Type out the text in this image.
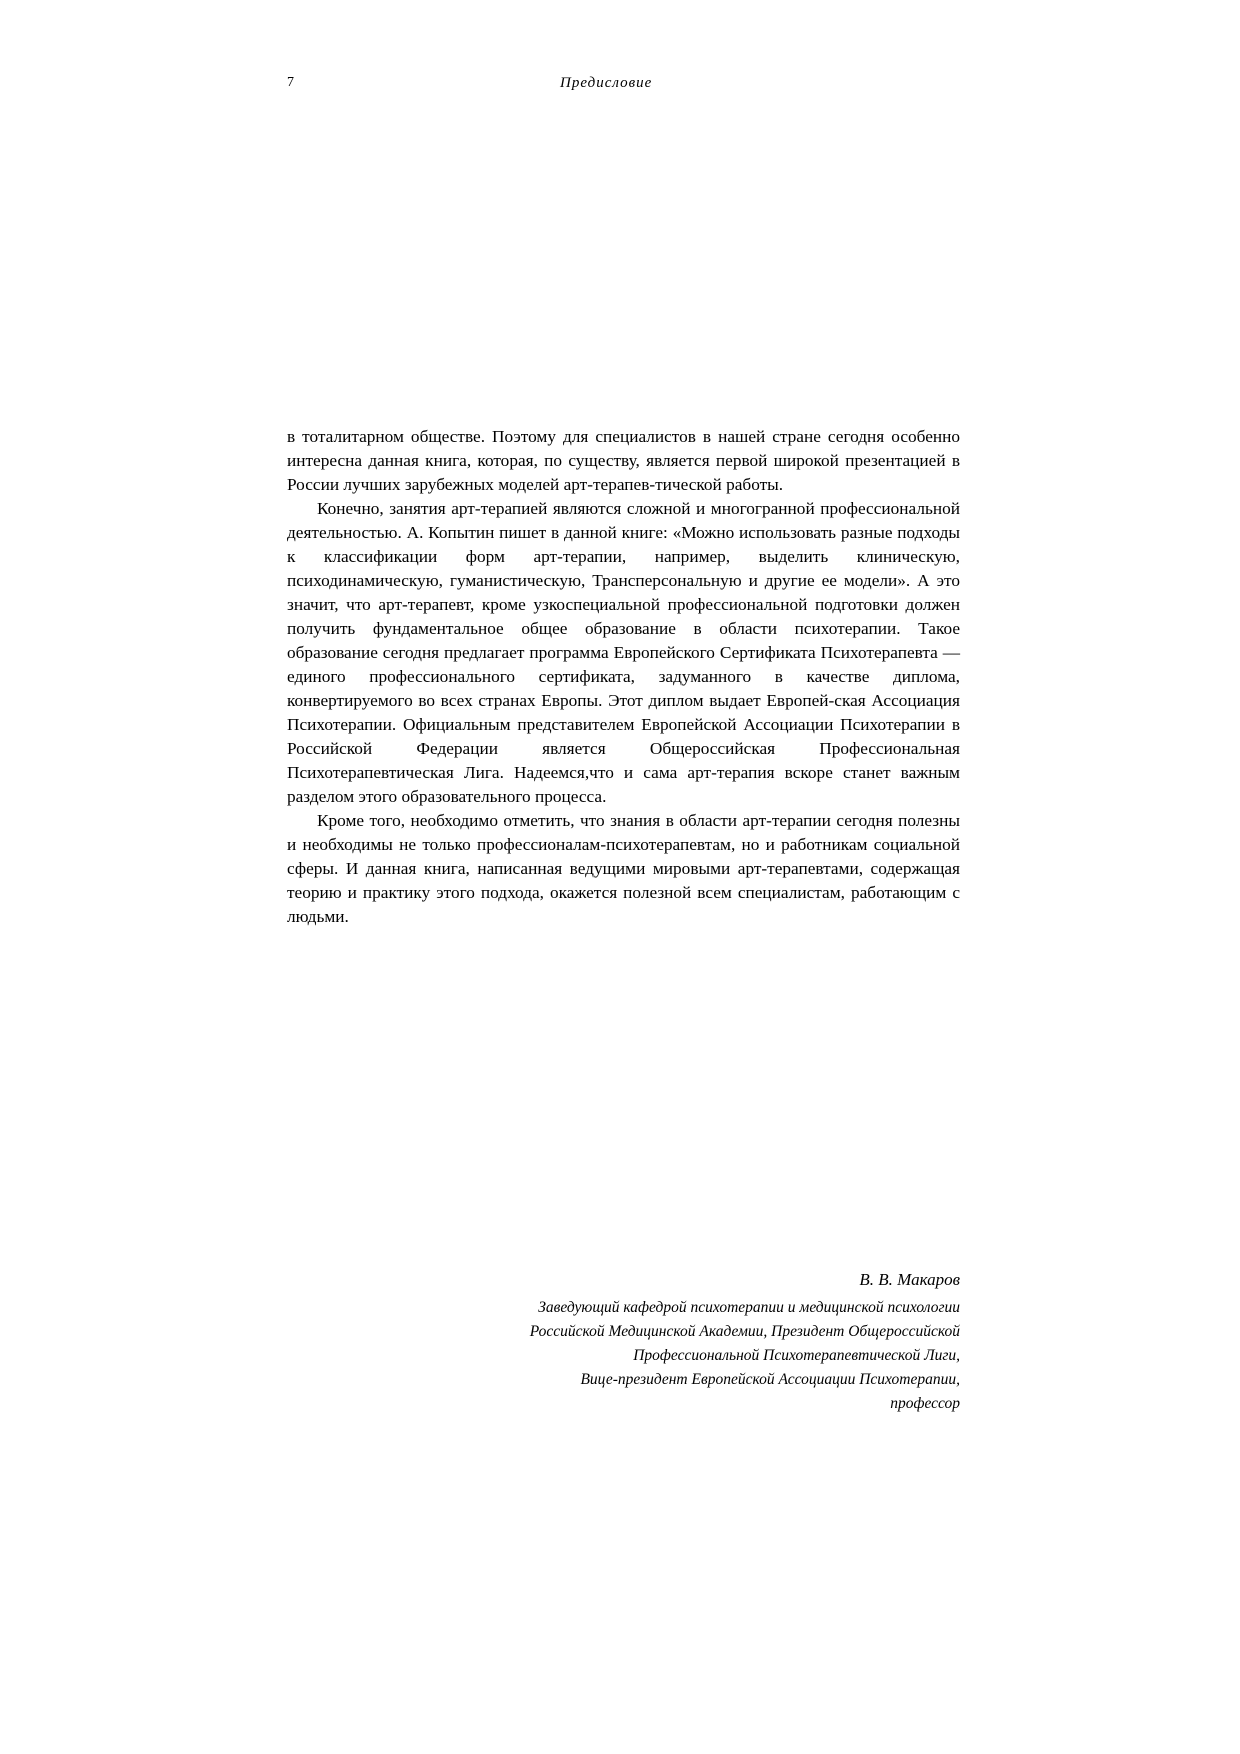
7	Предисловие

в тоталитарном обществе. Поэтому для специалистов в нашей стране сегодня особенно интересна данная книга, которая, по существу, является первой широкой презентацией в России лучших зарубежных моделей арт-терапев-тической работы.

Конечно, занятия арт-терапией являются сложной и многогранной профессиональной деятельностью. А. Копытин пишет в данной книге: «Можно использовать разные подходы к классификации форм арт-терапии, например, выделить клиническую, психодинамическую, гуманистическую, Трансперсональную и другие ее модели». А это значит, что арт-терапевт, кроме узкоспециальной профессиональной подготовки должен получить фундаментальное общее образование в области психотерапии. Такое образование сегодня предлагает программа Европейского Сертификата Психотерапевта — единого профессионального сертификата, задуманного в качестве диплома, конвертируемого во всех странах Европы. Этот диплом выдает Европей-ская Ассоциация Психотерапии. Официальным представителем Европейской Ассоциации Психотерапии в Российской Федерации является Общероссийская Профессиональная Психотерапевтическая Лига. Надеемся,что и сама арт-терапия вскоре станет важным разделом этого образовательного процесса.

Кроме того, необходимо отметить, что знания в области арт-терапии сегодня полезны и необходимы не только профессионалам-психотерапевтам, но и работникам социальной сферы. И данная книга, написанная ведущими мировыми арт-терапевтами, содержащая теорию и практику этого подхода, окажется полезной всем специалистам, работающим с людьми.

В. В. Макаров
Заведующий кафедрой психотерапии и медицинской психологии
Российской Медицинской Академии, Президент Общероссийской
Профессиональной Психотерапевтической Лиги,
Вице-президент Европейской Ассоциации Психотерапии,
профессор
